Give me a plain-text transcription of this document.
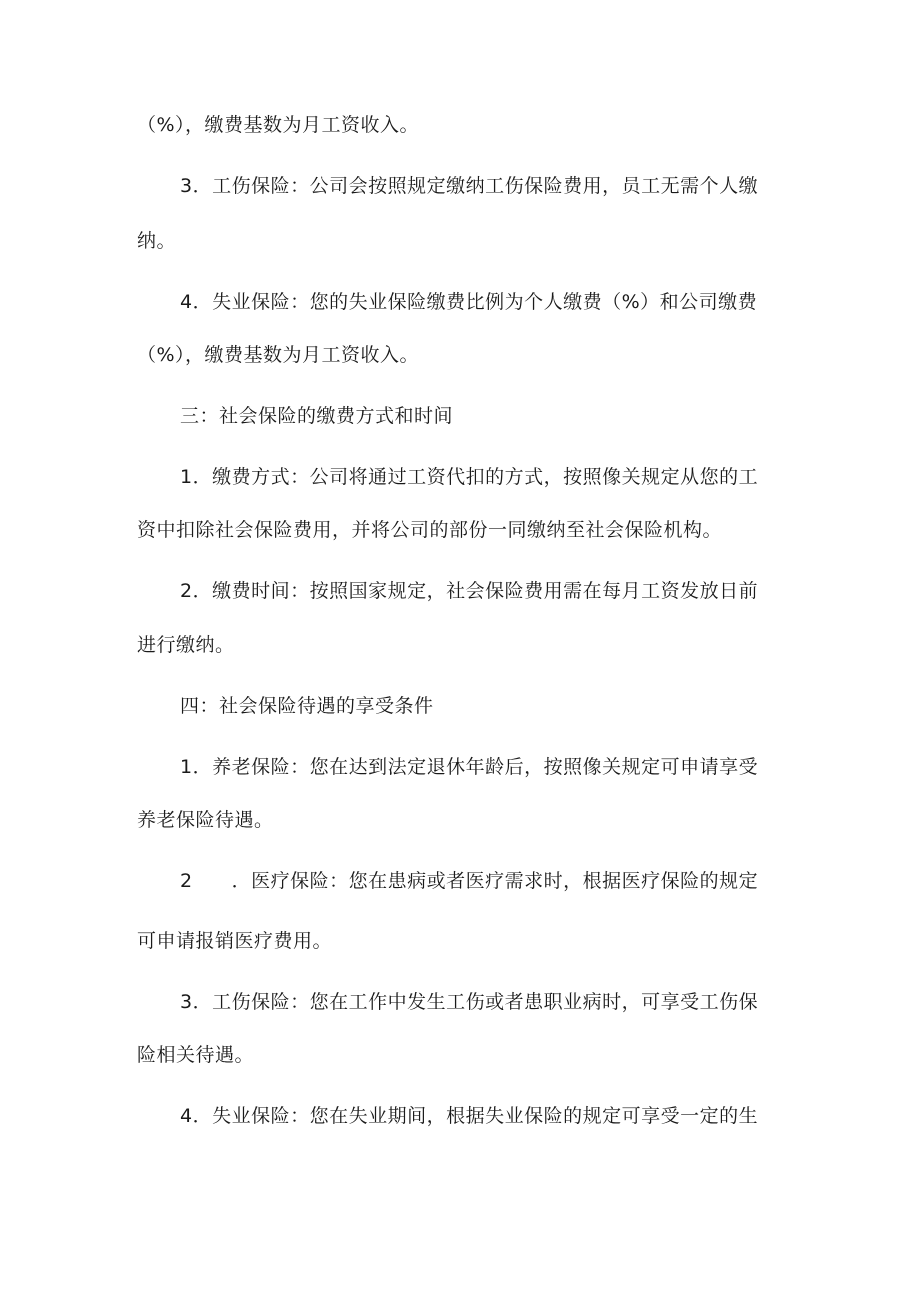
（%），缴费基数为月工资收入。
3．工伤保险：公司会按照规定缴纳工伤保险费用，员工无需个人缴
纳。
4．失业保险：您的失业保险缴费比例为个人缴费（%）和公司缴费
（%），缴费基数为月工资收入。
三：社会保险的缴费方式和时间
1．缴费方式：公司将通过工资代扣的方式，按照像关规定从您的工
资中扣除社会保险费用，并将公司的部份一同缴纳至社会保险机构。
2．缴费时间：按照国家规定，社会保险费用需在每月工资发放日前
进行缴纳。
四：社会保险待遇的享受条件
1．养老保险：您在达到法定退休年龄后，按照像关规定可申请享受
养老保险待遇。
2　　．医疗保险：您在患病或者医疗需求时，根据医疗保险的规定
可申请报销医疗费用。
3．工伤保险：您在工作中发生工伤或者患职业病时，可享受工伤保
险相关待遇。
4．失业保险：您在失业期间，根据失业保险的规定可享受一定的生
